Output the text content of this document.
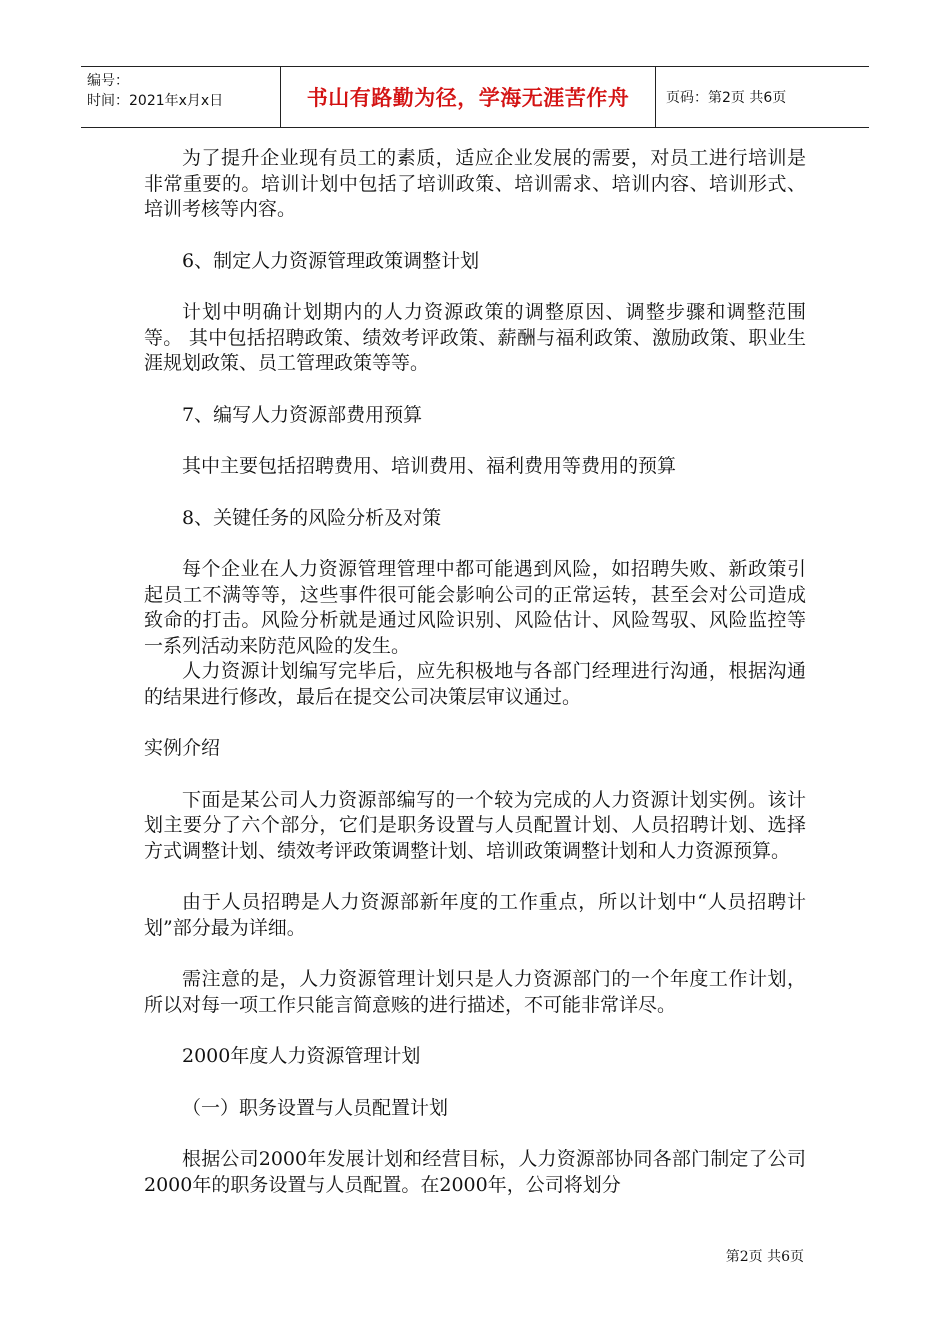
编号：
时间：2021年x月x日	书山有路勤为径，学海无涯苦作舟	页码：第2页 共6页

为了提升企业现有员工的素质，适应企业发展的需要，对员工进行培训是非常重要的。培训计划中包括了培训政策、培训需求、培训内容、培训形式、培训考核等内容。

6、制定人力资源管理政策调整计划

计划中明确计划期内的人力资源政策的调整原因、调整步骤和调整范围等。 其中包括招聘政策、绩效考评政策、薪酬与福利政策、激励政策、职业生涯规划政策、员工管理政策等等。

7、编写人力资源部费用预算

其中主要包括招聘费用、培训费用、福利费用等费用的预算

8、关键任务的风险分析及对策

每个企业在人力资源管理管理中都可能遇到风险，如招聘失败、新政策引起员工不满等等，这些事件很可能会影响公司的正常运转，甚至会对公司造成致命的打击。风险分析就是通过风险识别、风险估计、风险驾驭、风险监控等一系列活动来防范风险的发生。

人力资源计划编写完毕后，应先积极地与各部门经理进行沟通，根据沟通的结果进行修改，最后在提交公司决策层审议通过。

实例介绍

下面是某公司人力资源部编写的一个较为完成的人力资源计划实例。该计划主要分了六个部分，它们是职务设置与人员配置计划、人员招聘计划、选择方式调整计划、绩效考评政策调整计划、培训政策调整计划和人力资源预算。

由于人员招聘是人力资源部新年度的工作重点，所以计划中“人员招聘计划”部分最为详细。

需注意的是，人力资源管理计划只是人力资源部门的一个年度工作计划，所以对每一项工作只能言简意赅的进行描述，不可能非常详尽。

2000年度人力资源管理计划

（一）职务设置与人员配置计划

根据公司2000年发展计划和经营目标，人力资源部协同各部门制定了公司2000年的职务设置与人员配置。在2000年，公司将划分

第2页 共6页
